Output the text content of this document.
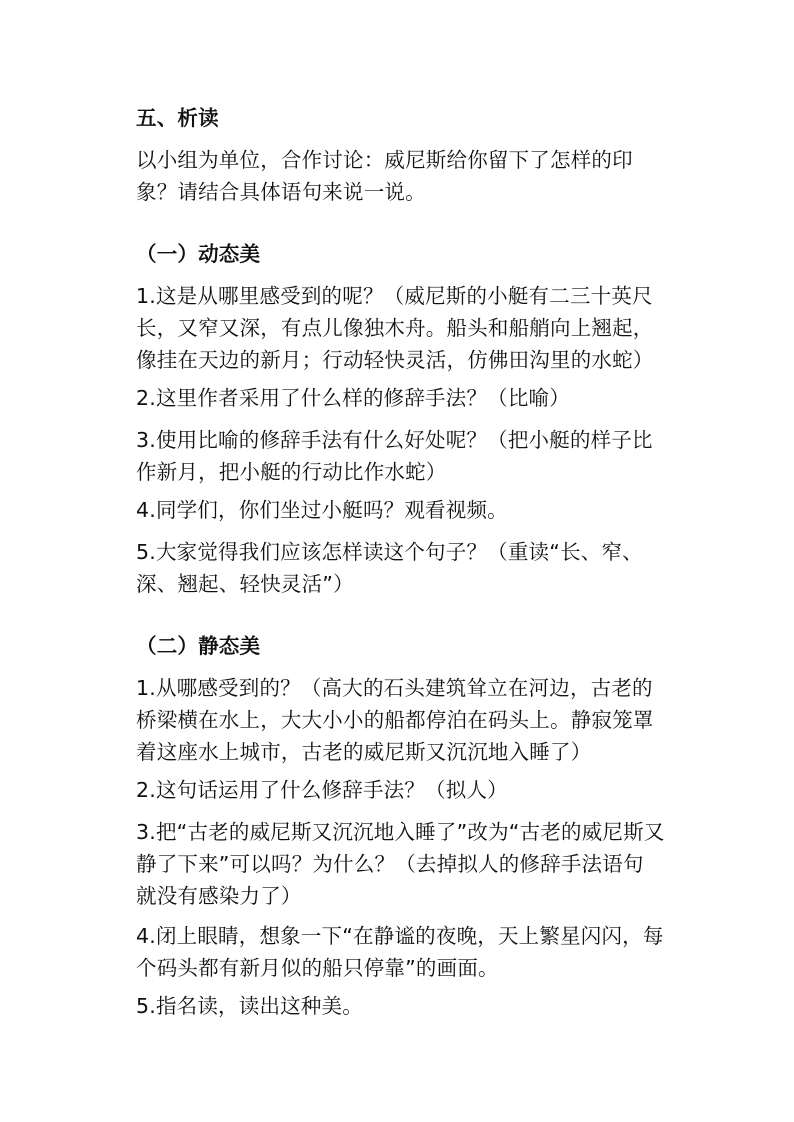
五、析读
以小组为单位，合作讨论：威尼斯给你留下了怎样的印
象？请结合具体语句来说一说。
（一）动态美
1.这是从哪里感受到的呢？（威尼斯的小艇有二三十英尺
长，又窄又深，有点儿像独木舟。船头和船艄向上翘起，
像挂在天边的新月；行动轻快灵活，仿佛田沟里的水蛇）
2.这里作者采用了什么样的修辞手法？（比喻）
3.使用比喻的修辞手法有什么好处呢？（把小艇的样子比
作新月，把小艇的行动比作水蛇）
4.同学们，你们坐过小艇吗？观看视频。
5.大家觉得我们应该怎样读这个句子？（重读“长、窄、
深、翘起、轻快灵活”）
（二）静态美
1.从哪感受到的？（高大的石头建筑耸立在河边，古老的
桥梁横在水上，大大小小的船都停泊在码头上。静寂笼罩
着这座水上城市，古老的威尼斯又沉沉地入睡了）
2.这句话运用了什么修辞手法？（拟人）
3.把“古老的威尼斯又沉沉地入睡了”改为“古老的威尼斯又
静了下来”可以吗？为什么？（去掉拟人的修辞手法语句
就没有感染力了）
4.闭上眼睛，想象一下“在静谧的夜晚，天上繁星闪闪，每
个码头都有新月似的船只停靠”的画面。
5.指名读，读出这种美。
